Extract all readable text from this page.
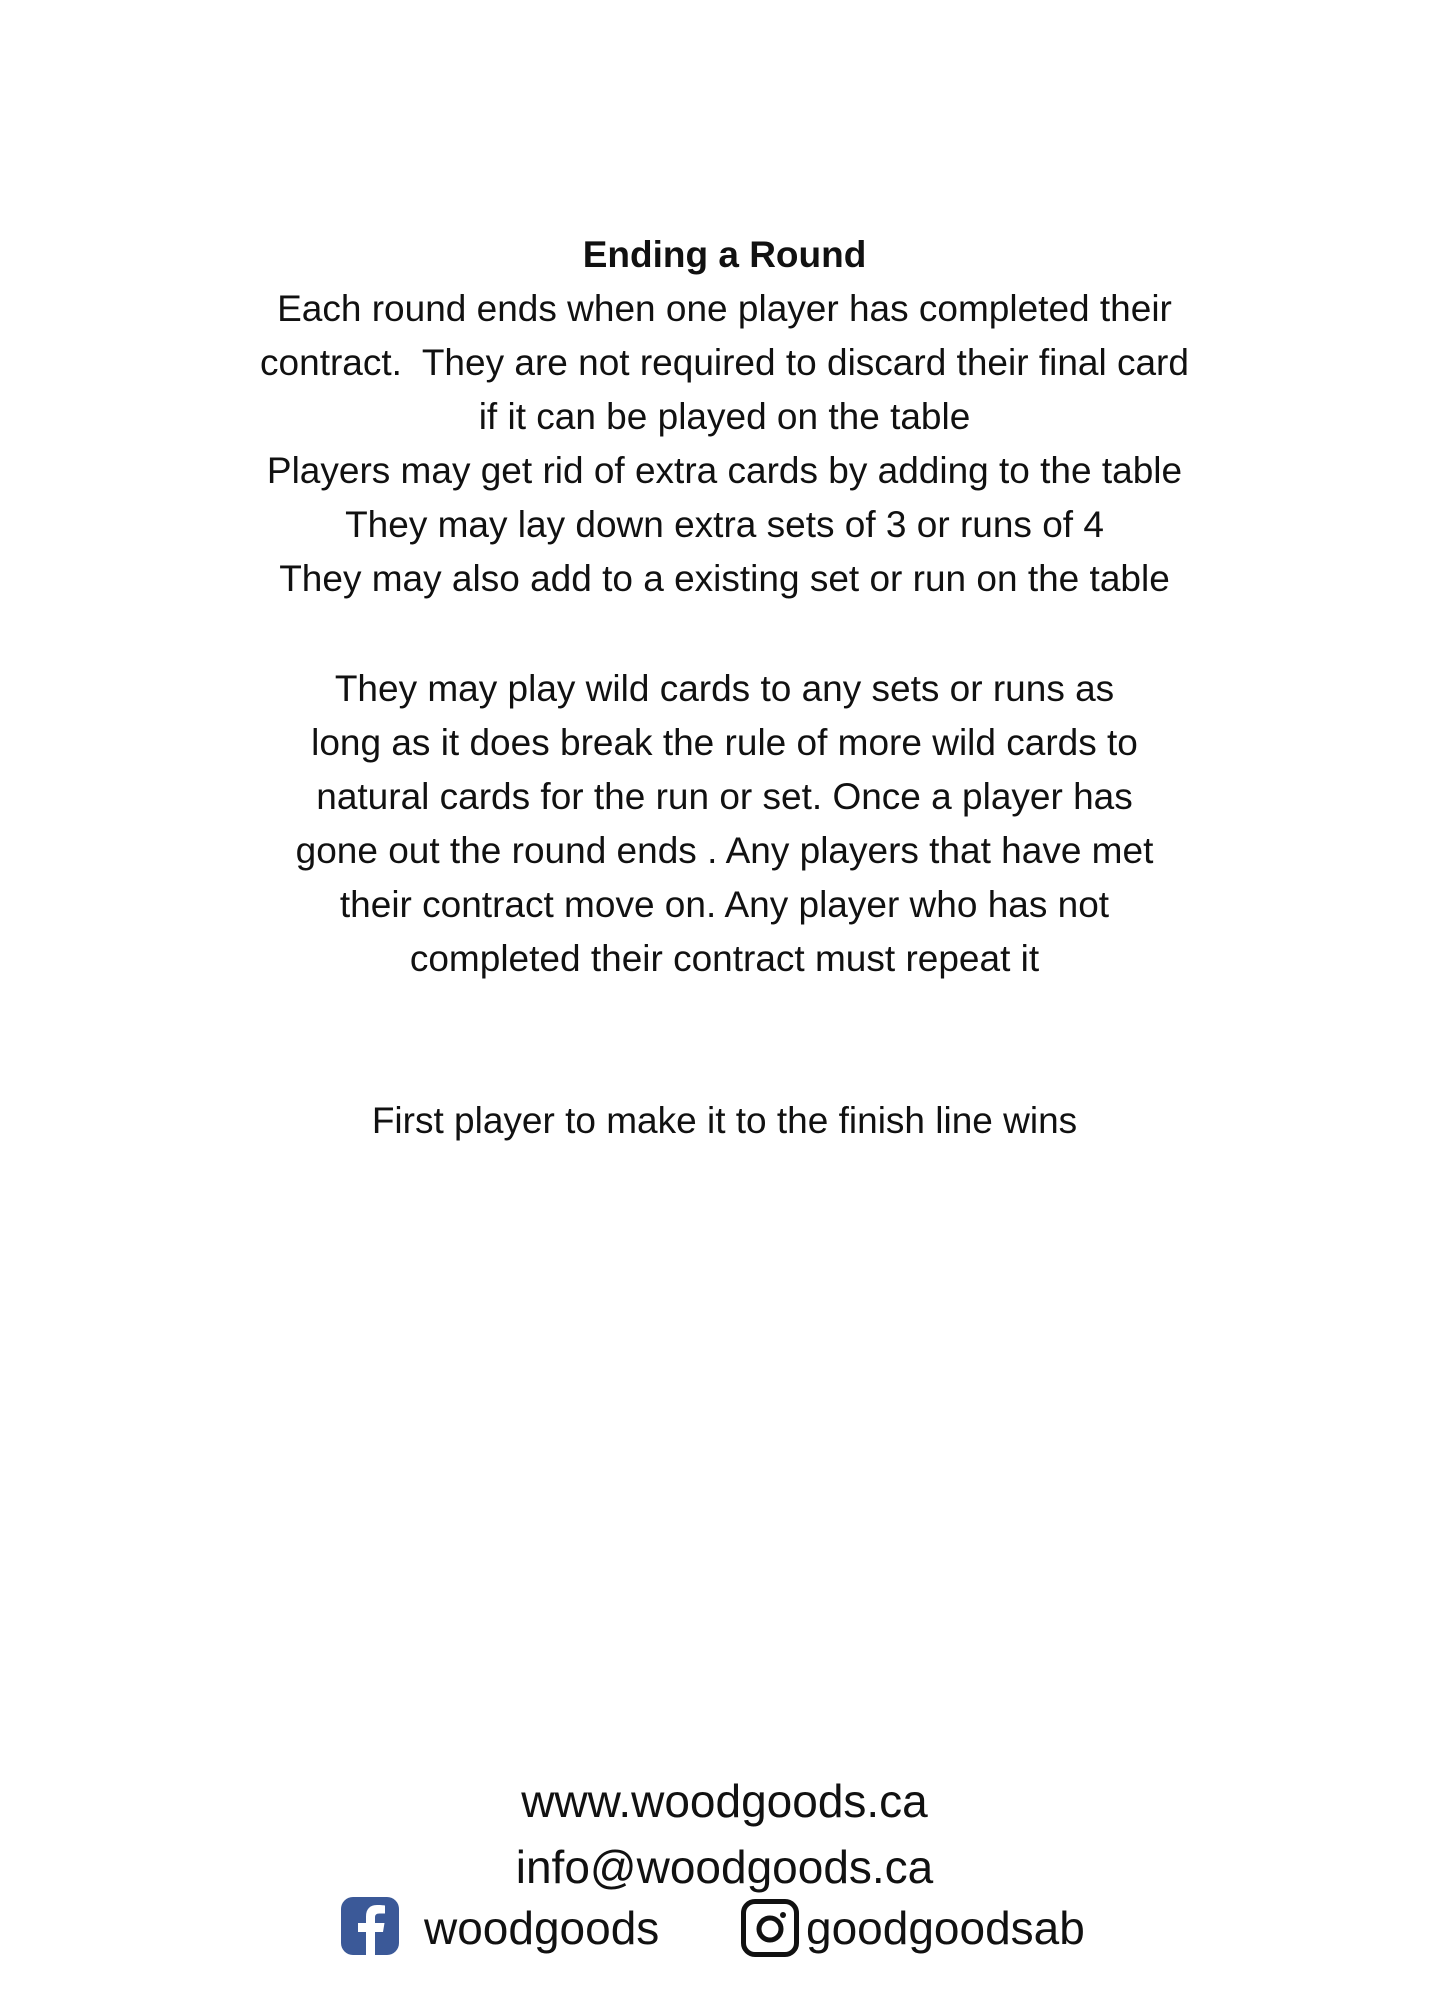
Ending a Round

Each round ends when one player has completed their

contract.  They are not required to discard their final card

if it can be played on the table

Players may get rid of extra cards by adding to the table

They may lay down extra sets of 3 or runs of 4

They may also add to a existing set or run on the table

They may play wild cards to any sets or runs as

long as it does break the rule of more wild cards to

natural cards for the run or set. Once a player has

gone out the round ends . Any players that have met

their contract move on. Any player who has not

completed their contract must repeat it

First player to make it to the finish line wins

www.woodgoods.ca

info@woodgoods.ca

woodgoods	goodgoodsab
